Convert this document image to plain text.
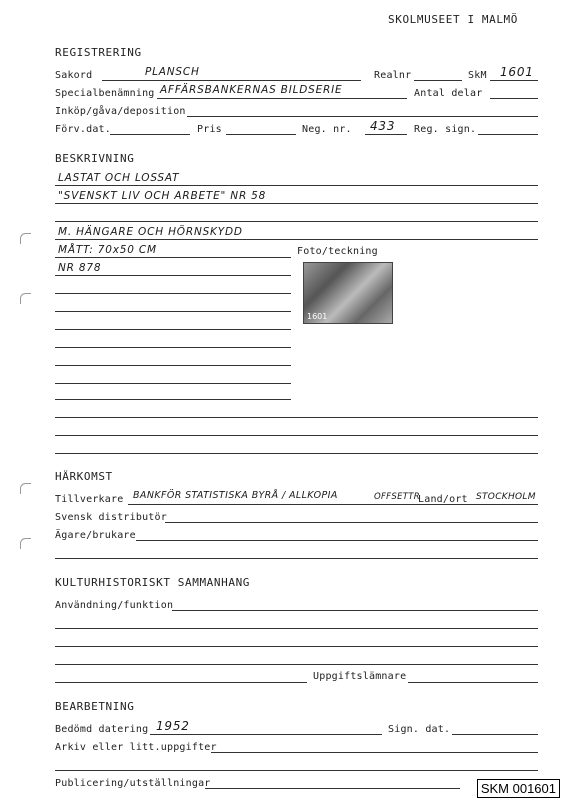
SKOLMUSEET I MALMÖ
REGISTRERING
Sakord	PLANSCH	Realnr	SkM 1601
Specialbenämning AFFÄRSBANKERNAS BILDSERIE	Antal delar
Inköp/gåva/deposition
Förv.dat.	Pris	Neg. nr. 433 Reg. sign.
BESKRIVNING
LASTAT OCH LOSSAT
"SVENSKT LIV OCH ARBETE" NR 58
M. HÄNGARE OCH HÖRNSKYDD
MÅTT: 70x50 CM	Foto/teckning
NR 878
1601
HÄRKOMST
Tillverkare BANKFÖR STATISTISKA BYRÅ / ALLKOPIA	OFFSETTR
Land/ort STOCKHOLM
Svensk distributör
Ägare/brukare
KULTURHISTORISKT SAMMANHANG
Användning/funktion
Uppgiftslämnare
BEARBETNING
Bedömd datering 1952	Sign. dat.
Arkiv eller litt.uppgifter
Publicering/utställningar	SKM 001601
